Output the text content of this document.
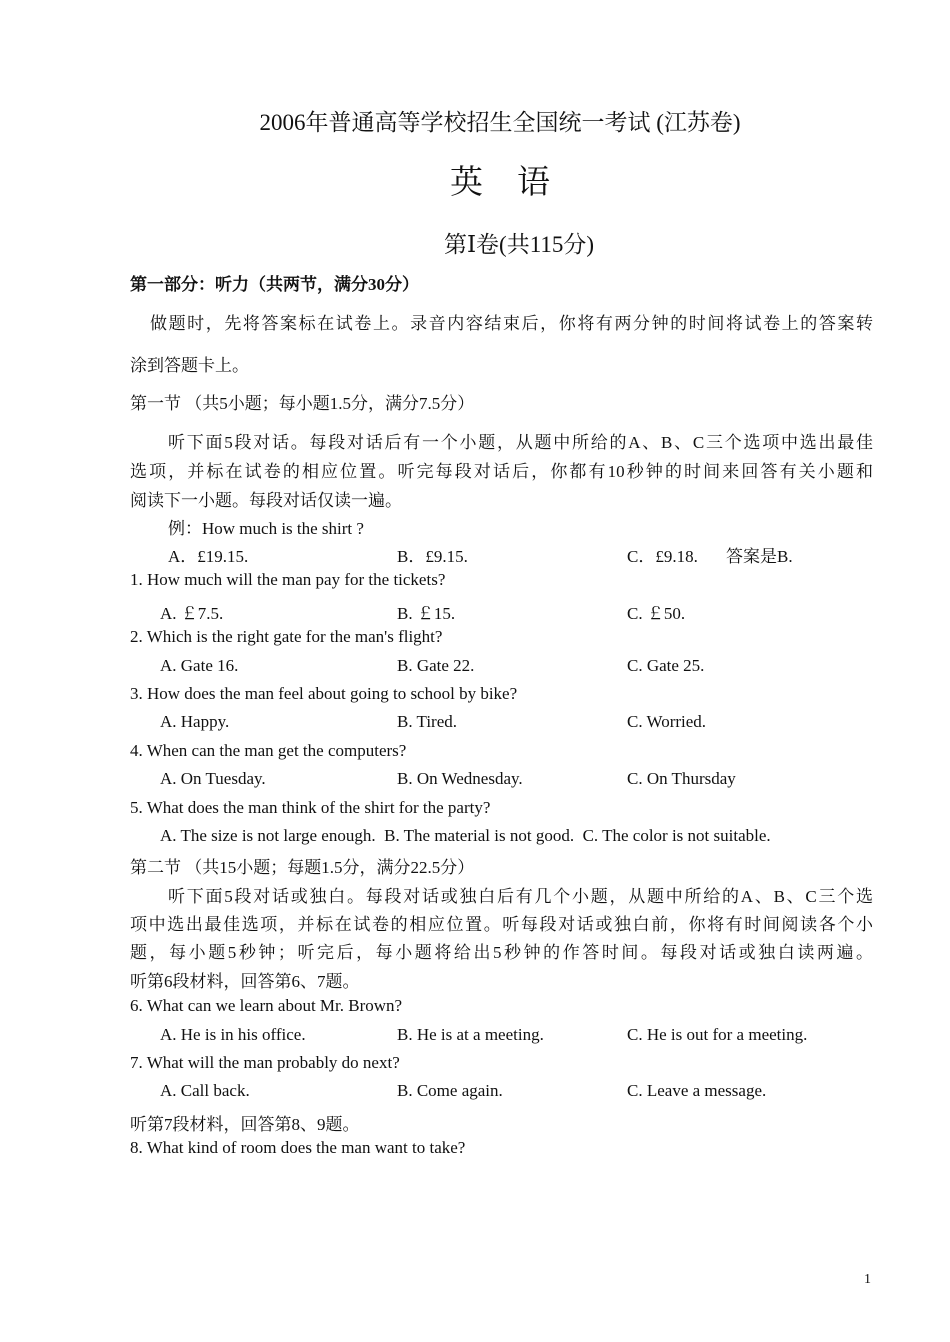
2006年普通高等学校招生全国统一考试 (江苏卷)
英语
第Ⅰ卷(共115分)
第一部分：听力（共两节，满分30分）
做题时，先将答案标在试卷上。录音内容结束后，你将有两分钟的时间将试卷上的答案转
涂到答题卡上。
第一节 （共5小题；每小题1.5分，满分7.5分）
听下面5段对话。每段对话后有一个小题，从题中所给的A、B、C三个选项中选出最佳
选项，并标在试卷的相应位置。听完每段对话后，你都有10秒钟的时间来回答有关小题和
阅读下一小题。每段对话仅读一遍。
例：How much is the shirt ?
A．£19.15.	B．£9.15.	C．£9.18. 答案是B.
1. How much will the man pay for the tickets?
A. ￡7.5.	B. ￡15.	C. ￡50.
2. Which is the right gate for the man's flight?
A. Gate 16.	B. Gate 22.	C. Gate 25.
3. How does the man feel about going to school by bike?
A. Happy.	B. Tired.	C. Worried.
4. When can the man get the computers?
A. On Tuesday.	B. On Wednesday.	C. On Thursday
5. What does the man think of the shirt for the party?
A. The size is not large enough.  B. The material is not good.  C. The color is not suitable.
第二节 （共15小题；每题1.5分，满分22.5分）
听下面5段对话或独白。每段对话或独白后有几个小题，从题中所给的A、B、C三个选
项中选出最佳选项，并标在试卷的相应位置。听每段对话或独白前，你将有时间阅读各个小
题，每小题5秒钟；听完后，每小题将给出5秒钟的作答时间。每段对话或独白读两遍。
听第6段材料，回答第6、7题。
6. What can we learn about Mr. Brown?
A. He is in his office.	B. He is at a meeting.	C. He is out for a meeting.
7. What will the man probably do next?
A. Call back.	B. Come again.	C. Leave a message.
听第7段材料，回答第8、9题。
8. What kind of room does the man want to take?
1
